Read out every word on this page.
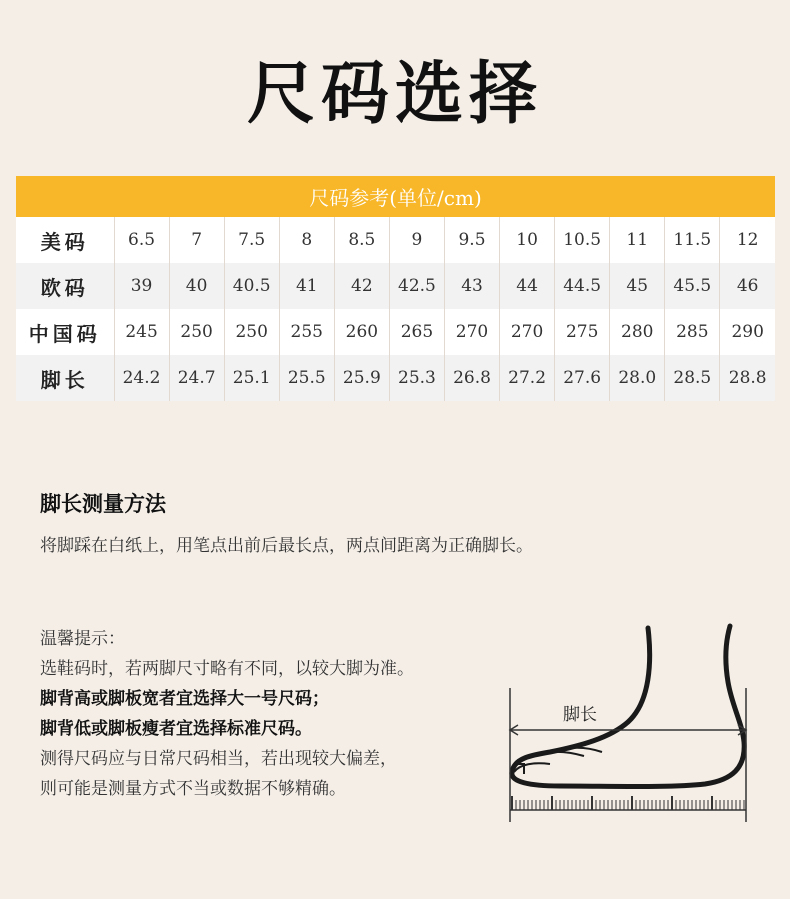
尺码选择
尺码参考(单位/cm)												
美码	6.5	7	7.5	8	8.5	9	9.5	10	10.5	11	11.5	12
欧码	39	40	40.5	41	42	42.5	43	44	44.5	45	45.5	46
中国码	245	250	250	255	260	265	270	270	275	280	285	290
脚长	24.2	24.7	25.1	25.5	25.9	25.3	26.8	27.2	27.6	28.0	28.5	28.8
脚长测量方法
将脚踩在白纸上，用笔点出前后最长点，两点间距离为正确脚长。
温馨提示：
选鞋码时，若两脚尺寸略有不同，以较大脚为准。
脚背高或脚板宽者宜选择大一号尺码；
脚背低或脚板瘦者宜选择标准尺码。
测得尺码应与日常尺码相当，若出现较大偏差，
则可能是测量方式不当或数据不够精确。
脚长
